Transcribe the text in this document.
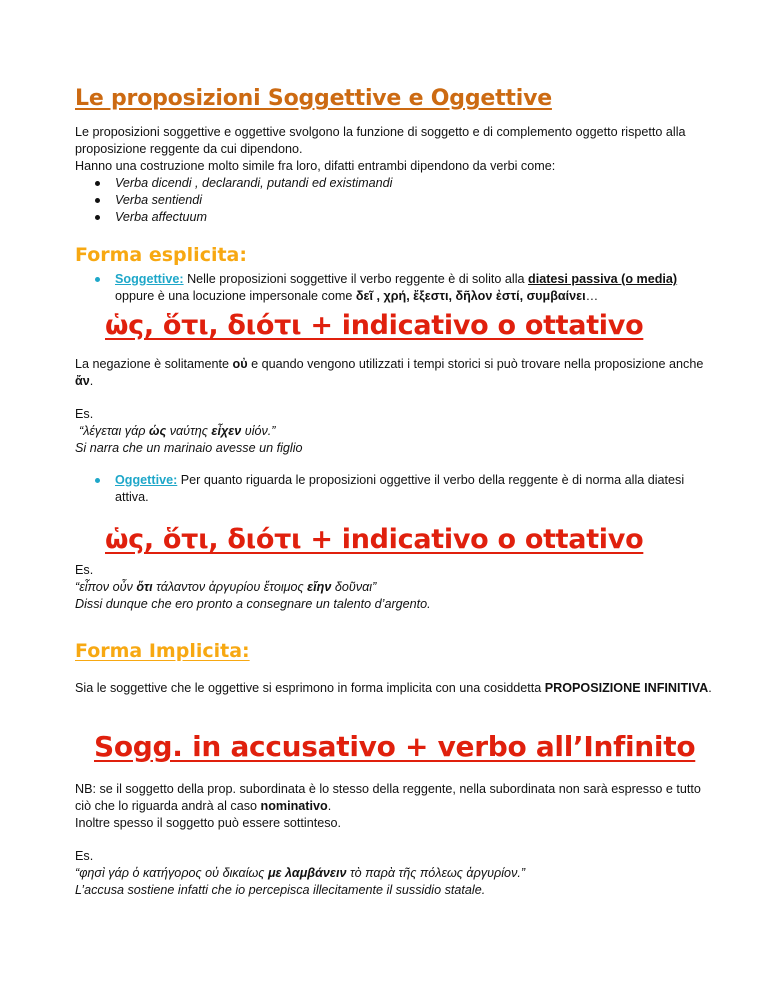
Le proposizioni Soggettive e Oggettive

Le proposizioni soggettive e oggettive svolgono la funzione di soggetto e di complemento oggetto rispetto alla proposizione reggente da cui dipendono.

Hanno una costruzione molto simile fra loro, difatti entrambi dipendono da verbi come:

Verba dicendi , declarandi, putandi ed existimandi
Verba sentiendi
Verba affectuum
Forma esplicita:
Soggettive: Nelle proposizioni soggettive il verbo reggente è di solito alla diatesi passiva (o media) oppure è una locuzione impersonale come δεῖ , χρή, ἔξεστι, δῆλον ἐστί, συμβαίνει…
ὡς, ὅτι, διότι + indicativo o ottativo

La negazione è solitamente οὐ e quando vengono utilizzati i tempi storici si può trovare nella proposizione anche ἄν.

Es.

“λέγεται γάρ ὡς ναύτης εἶχεν υἱόν.”

Si narra che un marinaio avesse un figlio

Oggettive: Per quanto riguarda le proposizioni oggettive il verbo della reggente è di norma alla diatesi attiva.
ὡς, ὅτι, διότι + indicativo o ottativo

Es.

“εἶπον οὖν ὅτι τάλαντον ἀργυρίου ἕτοιμος εἴην δοῦναι”

Dissi dunque che ero pronto a consegnare un talento d’argento.

Forma Implicita:

Sia le soggettive che le oggettive si esprimono in forma implicita con una cosiddetta PROPOSIZIONE INFINITIVA.

Sogg. in accusativo + verbo all’Infinito

NB: se il soggetto della prop. subordinata è lo stesso della reggente, nella subordinata non sarà espresso e tutto ciò che lo riguarda andrà al caso nominativo.

Inoltre spesso il soggetto può essere sottinteso.

Es.

“φησὶ γάρ ὁ κατήγορος οὐ δικαίως με λαμβάνειν τὸ παρὰ τῆς πόλεως ἀργυρίον.”

L’accusa sostiene infatti che io percepisca illecitamente il sussidio statale.
